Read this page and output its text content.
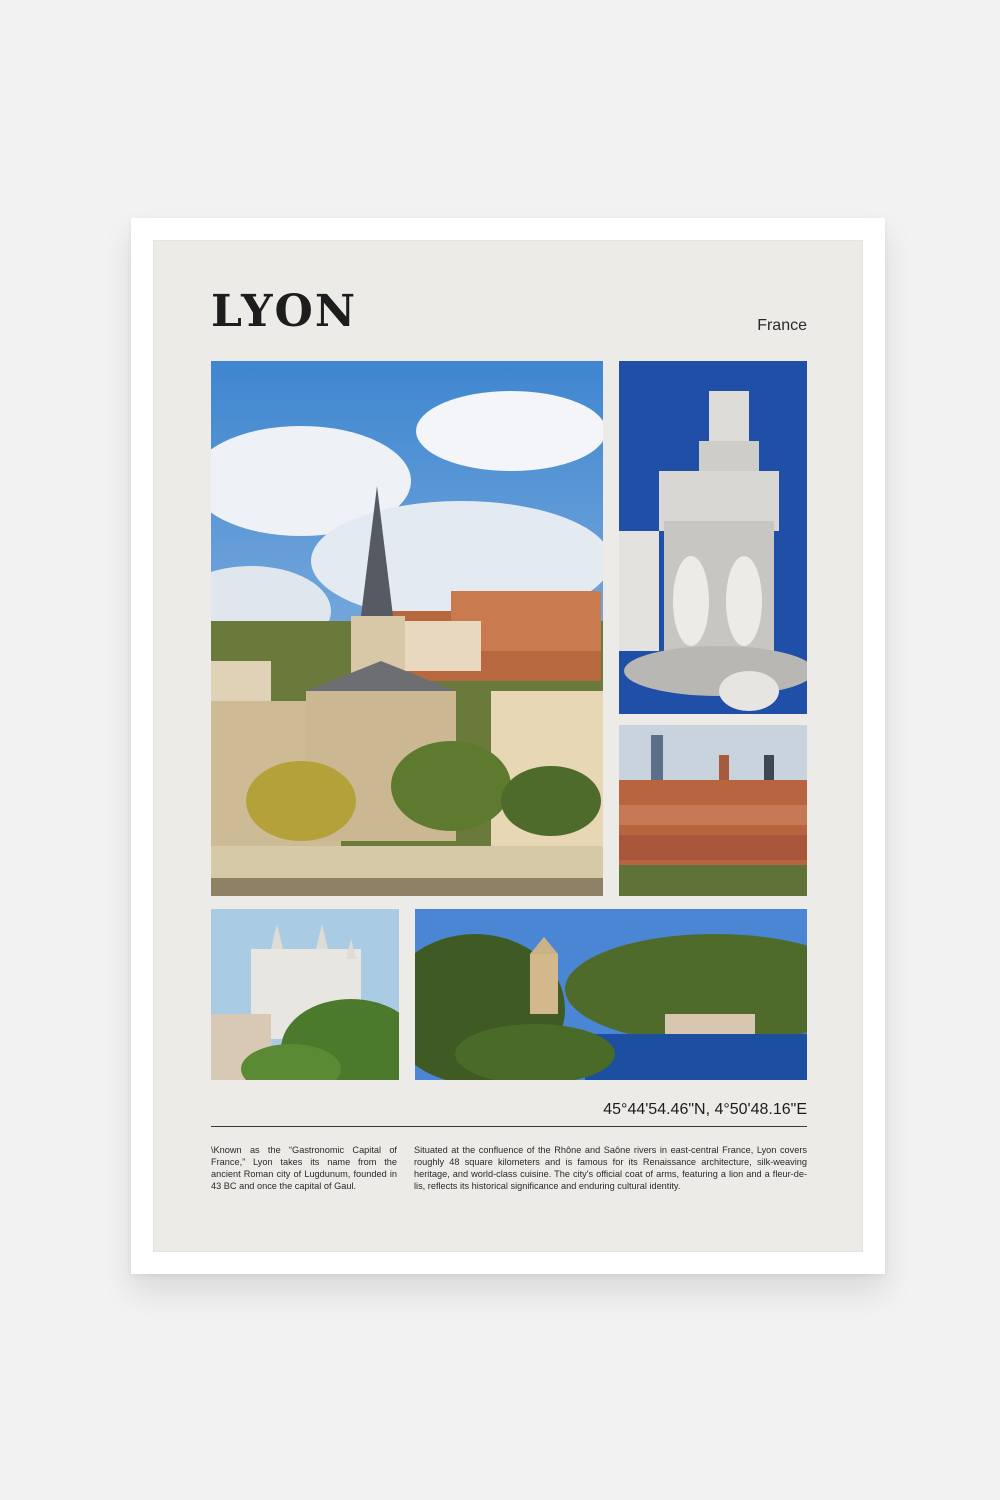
LYON	France
45°44'54.46"N, 4°50'48.16"E
\Known as the “Gastronomic Capital of France,” Lyon takes its name from the ancient Roman city of Lugdunum, founded in 43 BC and once the capital of Gaul.
Situated at the confluence of the Rhône and Saône rivers in east-central France, Lyon covers roughly 48 square kilometers and is famous for its Renaissance architecture, silk-weaving heritage, and world-class cuisine. The city's official coat of arms, featuring a lion and a fleur-de-lis, reflects its historical significance and enduring cultural identity.
